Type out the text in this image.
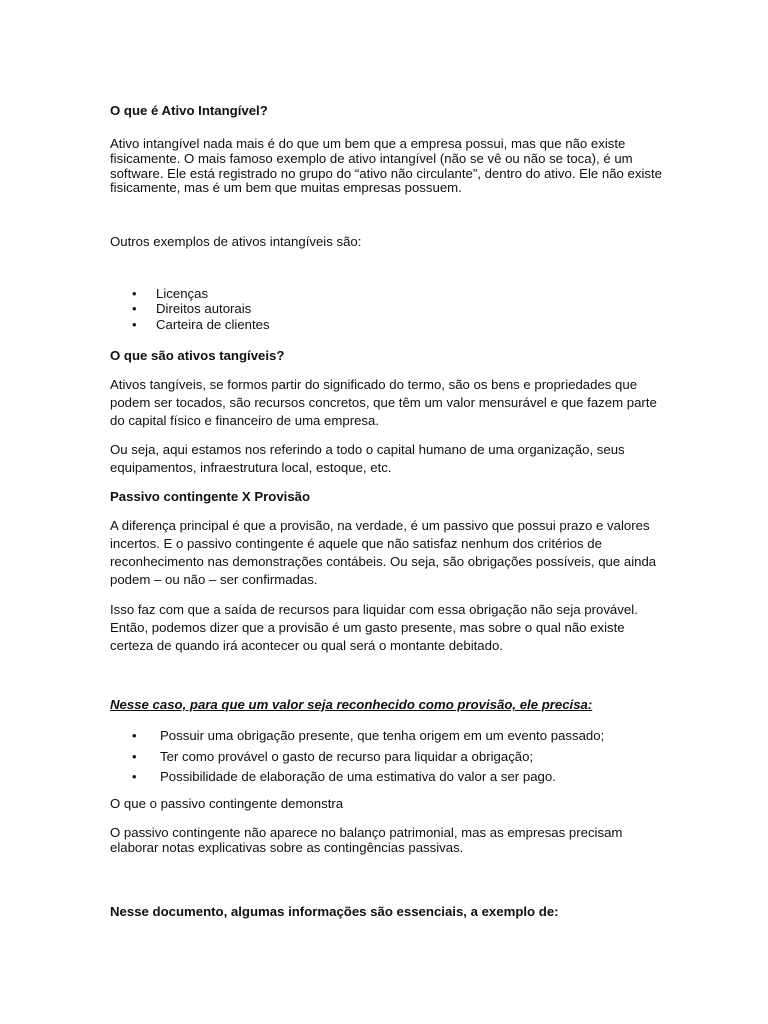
O que é Ativo Intangível?

Ativo intangível nada mais é do que um bem que a empresa possui, mas que não existe fisicamente. O mais famoso exemplo de ativo intangível (não se vê ou não se toca), é um software. Ele está registrado no grupo do “ativo não circulante”, dentro do ativo. Ele não existe fisicamente, mas é um bem que muitas empresas possuem.

Outros exemplos de ativos intangíveis são:

• Licenças
• Direitos autorais
• Carteira de clientes
O que são ativos tangíveis?

Ativos tangíveis, se formos partir do significado do termo, são os bens e propriedades que podem ser tocados, são recursos concretos, que têm um valor mensurável e que fazem parte do capital físico e financeiro de uma empresa.

Ou seja, aqui estamos nos referindo a todo o capital humano de uma organização, seus equipamentos, infraestrutura local, estoque, etc.

Passivo contingente X Provisão

A diferença principal é que a provisão, na verdade, é um passivo que possui prazo e valores incertos. E o passivo contingente é aquele que não satisfaz nenhum dos critérios de reconhecimento nas demonstrações contábeis. Ou seja, são obrigações possíveis, que ainda podem – ou não – ser confirmadas.

Isso faz com que a saída de recursos para liquidar com essa obrigação não seja provável. Então, podemos dizer que a provisão é um gasto presente, mas sobre o qual não existe certeza de quando irá acontecer ou qual será o montante debitado.

Nesse caso, para que um valor seja reconhecido como provisão, ele precisa:

• Possuir uma obrigação presente, que tenha origem em um evento passado;
• Ter como provável o gasto de recurso para liquidar a obrigação;
• Possibilidade de elaboração de uma estimativa do valor a ser pago.

O que o passivo contingente demonstra

O passivo contingente não aparece no balanço patrimonial, mas as empresas precisam elaborar notas explicativas sobre as contingências passivas.

Nesse documento, algumas informações são essenciais, a exemplo de:
